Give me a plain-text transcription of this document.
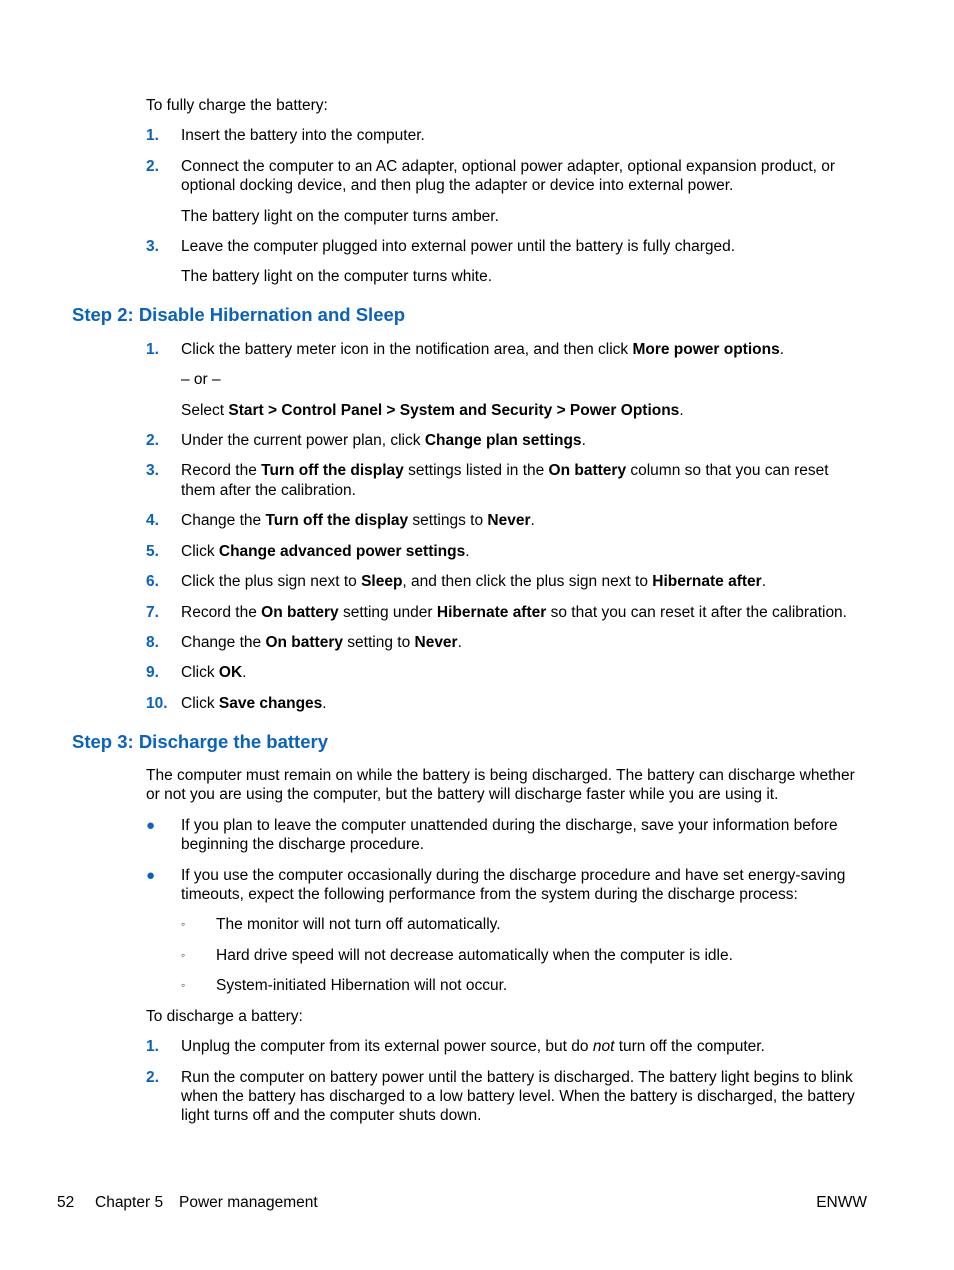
To fully charge the battery:
1. Insert the battery into the computer.
2. Connect the computer to an AC adapter, optional power adapter, optional expansion product, or
optional docking device, and then plug the adapter or device into external power.
The battery light on the computer turns amber.
3. Leave the computer plugged into external power until the battery is fully charged.
The battery light on the computer turns white.
Step 2: Disable Hibernation and Sleep
1. Click the battery meter icon in the notification area, and then click More power options.
– or –
Select Start > Control Panel > System and Security > Power Options.
2. Under the current power plan, click Change plan settings.
3. Record the Turn off the display settings listed in the On battery column so that you can reset
them after the calibration.
4. Change the Turn off the display settings to Never.
5. Click Change advanced power settings.
6. Click the plus sign next to Sleep, and then click the plus sign next to Hibernate after.
7. Record the On battery setting under Hibernate after so that you can reset it after the calibration.
8. Change the On battery setting to Never.
9. Click OK.
10. Click Save changes.
Step 3: Discharge the battery
The computer must remain on while the battery is being discharged. The battery can discharge whether
or not you are using the computer, but the battery will discharge faster while you are using it.
● If you plan to leave the computer unattended during the discharge, save your information before
beginning the discharge procedure.
● If you use the computer occasionally during the discharge procedure and have set energy-saving
timeouts, expect the following performance from the system during the discharge process:
◦ The monitor will not turn off automatically.
◦ Hard drive speed will not decrease automatically when the computer is idle.
◦ System-initiated Hibernation will not occur.
To discharge a battery:
1. Unplug the computer from its external power source, but do not turn off the computer.
2. Run the computer on battery power until the battery is discharged. The battery light begins to blink
when the battery has discharged to a low battery level. When the battery is discharged, the battery
light turns off and the computer shuts down.
52 Chapter 5 Power management	ENWW
